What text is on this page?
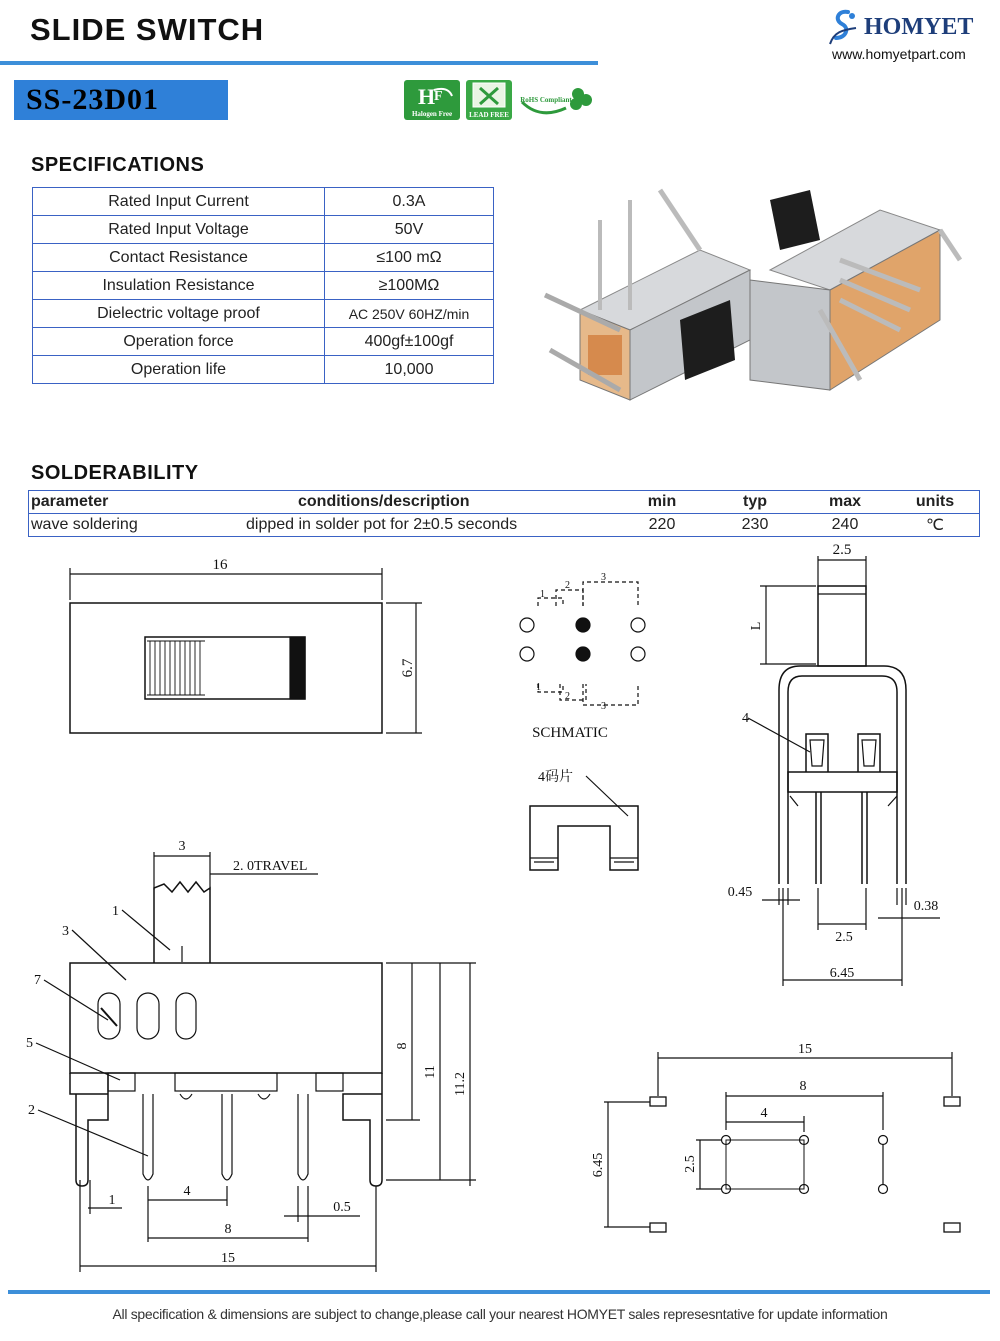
SLIDE SWITCH
SS-23D01
HOMYET
www.homyetpart.com
H
F
Halogen Free LEAD FREE
RoHS Compliant
SPECIFICATIONS
Rated Input Current	0.3A
Rated Input Voltage	50V
Contact Resistance	≤100 mΩ
Insulation Resistance	≥100MΩ
Dielectric voltage proof	AC 250V 60HZ/min
Operation force	400gf±100gf
Operation life	10,000
SOLDERABILITY
parameter	conditions/description	min	typ	max	units
wave soldering	dipped in solder pot for 2±0.5 seconds	220	230	240	℃
16
6.7
1
2
3
1
2
3
SCHMATIC
4码片
2.5
L
4
0.45
0.38
2.5
6.45
3
2. 0TRAVEL
1
3
7
5
2
8
11
11.2
1
4
0.5
8
15
15
8
4
6.45	2.5
All specification & dimensions are subject to change,please call your nearest HOMYET sales represesntative for update information
